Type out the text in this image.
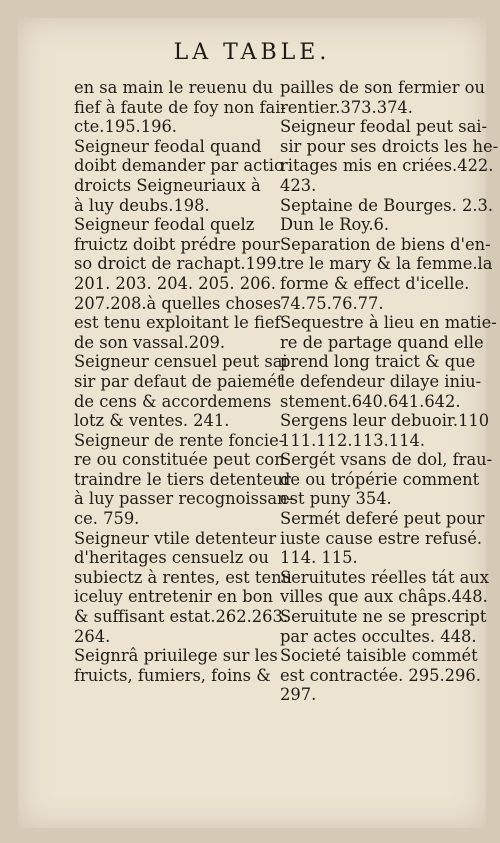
LA TABLE.
en sa main le reuenu du
fief à faute de foy non fai-
cte.195.196.
Seigneur feodal quand
doibt demander par actio
droicts Seigneuriaux à
à luy deubs.198.
Seigneur feodal quelz
fruictz doibt prédre pour
so droict de rachapt.199.
201. 203. 204. 205. 206.
207.208.à quelles choses
est tenu exploitant le fief
de son vassal.209.
Seigneur censuel peut sai
sir par defaut de paiemét
de cens & accordemens
lotz & ventes. 241.
Seigneur de rente foncie-
re ou constituée peut con
traindre le tiers detenteur
à luy passer recognoissan-
ce. 759.
Seigneur vtile detenteur
d'heritages censuelz ou
subiectz à rentes, est tenu
iceluy entretenir en bon
& suffisant estat.262.263.
264.
Seignrâ priuilege sur les
fruicts, fumiers, foins &
pailles de son fermier ou
rentier.373.374.
Seigneur feodal peut sai-
sir pour ses droicts les he-
ritages mis en criées.422.
423.
Septaine de Bourges. 2.3.
Dun le Roy.6.
Separation de biens d'en-
tre le mary & la femme.la
forme & effect d'icelle.
74.75.76.77.
Sequestre à lieu en matie-
re de partage quand elle
prend long traict & que
le defendeur dilaye iniu-
stement.640.641.642.
Sergens leur debuoir.110
111.112.113.114.
Sergét vsans de dol, frau-
de ou trópérie comment
est puny 354.
Sermét deferé peut pour
iuste cause estre refusé.
114. 115.
Seruitutes réelles tát aux
villes que aux châps.448.
Seruitute ne se prescript
par actes occultes. 448.
Societé taisible commét
est contractée. 295.296.
297.
